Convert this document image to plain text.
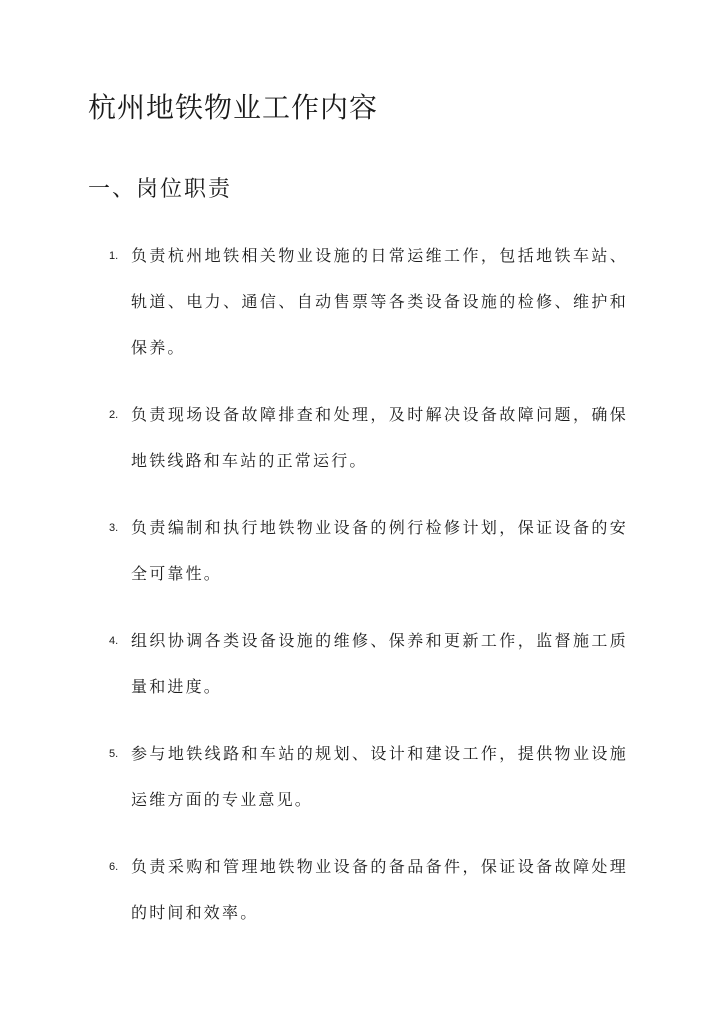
杭州地铁物业工作内容
一、岗位职责
1. 负责杭州地铁相关物业设施的日常运维工作，包括地铁车站、轨道、电力、通信、自动售票等各类设备设施的检修、维护和保养。
2. 负责现场设备故障排查和处理，及时解决设备故障问题，确保地铁线路和车站的正常运行。
3. 负责编制和执行地铁物业设备的例行检修计划，保证设备的安全可靠性。
4. 组织协调各类设备设施的维修、保养和更新工作，监督施工质量和进度。
5. 参与地铁线路和车站的规划、设计和建设工作，提供物业设施运维方面的专业意见。
6. 负责采购和管理地铁物业设备的备品备件，保证设备故障处理的时间和效率。
